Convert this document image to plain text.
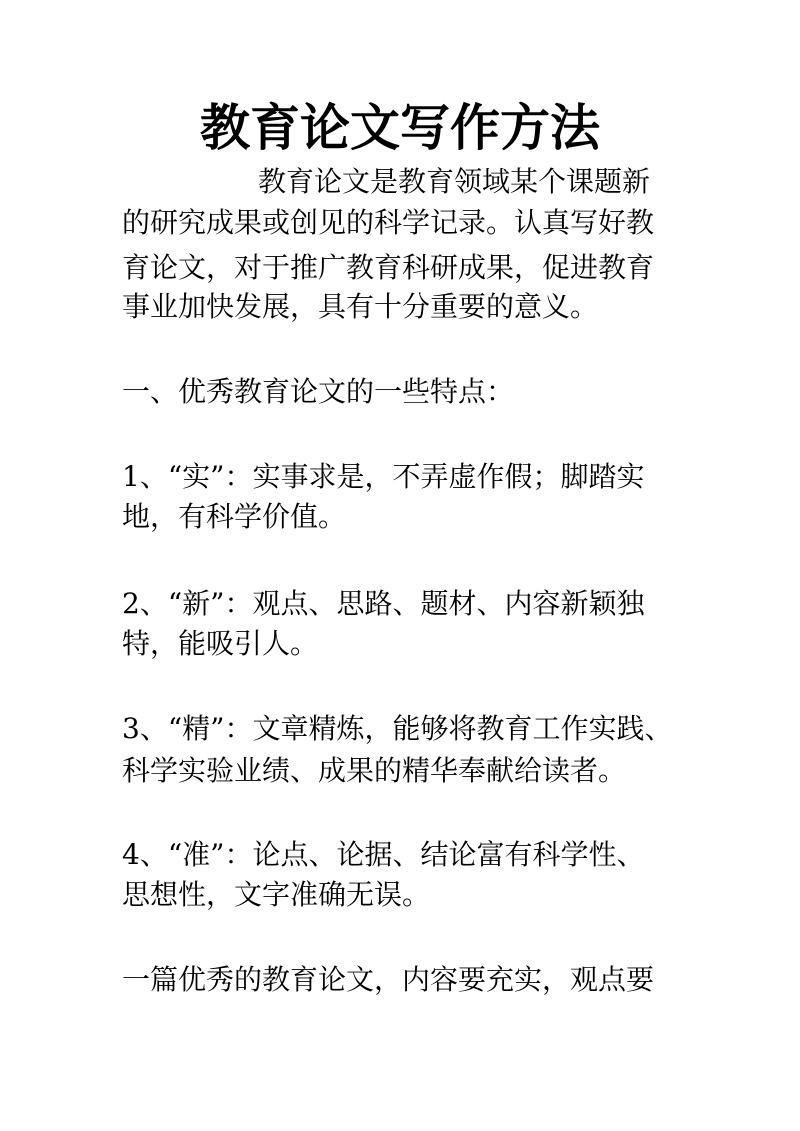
教育论文写作方法

教育论文是教育领域某个课题新

的研究成果或创见的科学记录。认真写好教

育论文，对于推广教育科研成果，促进教育

事业加快发展，具有十分重要的意义。

一、优秀教育论文的一些特点：

1、“实”：实事求是，不弄虚作假；脚踏实

地，有科学价值。

2、“新”：观点、思路、题材、内容新颖独

特，能吸引人。

3、“精”：文章精炼，能够将教育工作实践、

科学实验业绩、成果的精华奉献给读者。

4、“准”：论点、论据、结论富有科学性、

思想性，文字准确无误。

一篇优秀的教育论文，内容要充实，观点要
